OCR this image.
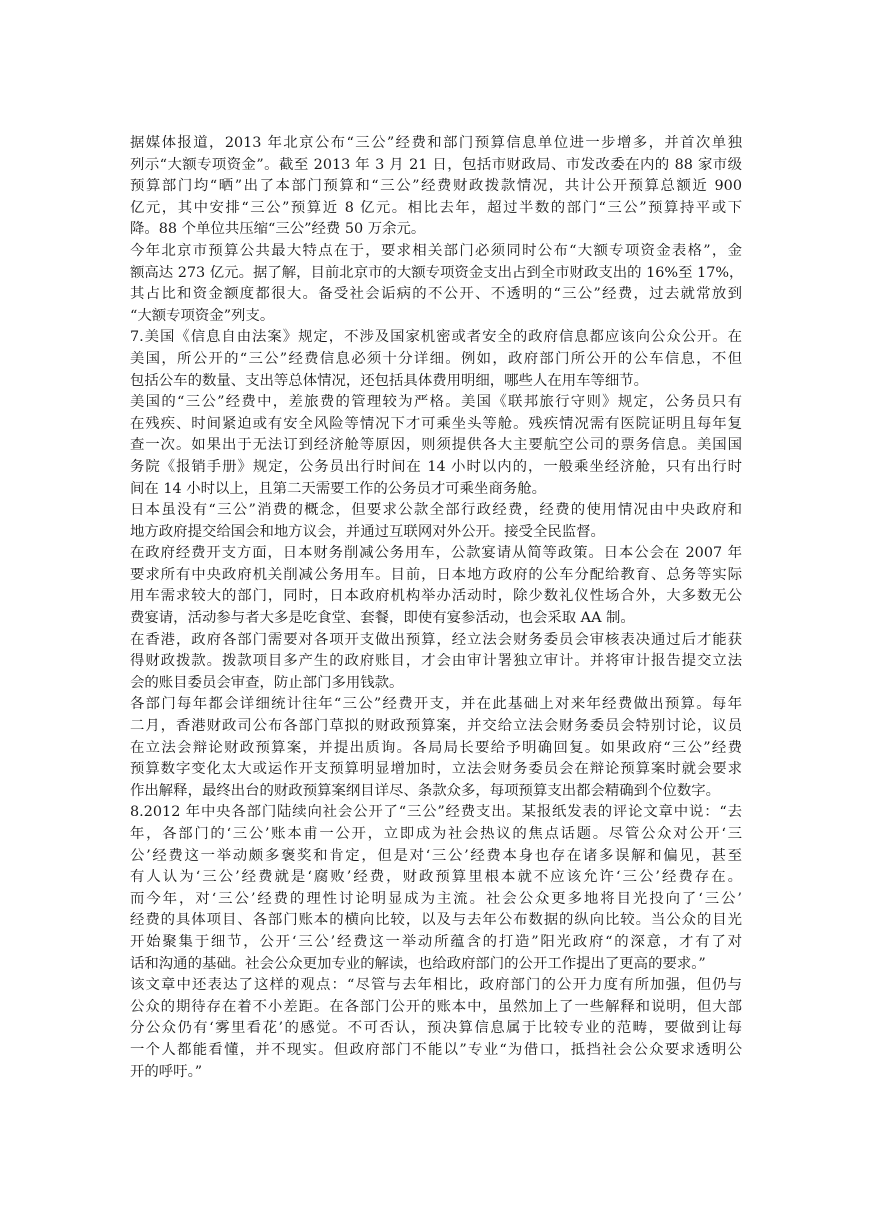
据媒体报道，2013 年北京公布“三公”经费和部门预算信息单位进一步增多，并首次单独
列示“大额专项资金”。截至 2013 年 3 月 21 日，包括市财政局、市发改委在内的 88 家市级
预算部门均“晒”出了本部门预算和“三公”经费财政拨款情况，共计公开预算总额近 900
亿元，其中安排“三公”预算近 8 亿元。相比去年，超过半数的部门“三公”预算持平或下
降。88 个单位共压缩“三公”经费 50 万余元。

今年北京市预算公共最大特点在于，要求相关部门必须同时公布“大额专项资金表格”，金
额高达 273 亿元。据了解，目前北京市的大额专项资金支出占到全市财政支出的 16%至 17%，
其占比和资金额度都很大。备受社会诟病的不公开、不透明的“三公”经费，过去就常放到
“大额专项资金”列支。

7.美国《信息自由法案》规定，不涉及国家机密或者安全的政府信息都应该向公众公开。在
美国，所公开的“三公”经费信息必须十分详细。例如，政府部门所公开的公车信息，不但
包括公车的数量、支出等总体情况，还包括具体费用明细，哪些人在用车等细节。

美国的“三公”经费中，差旅费的管理较为严格。美国《联邦旅行守则》规定，公务员只有
在残疾、时间紧迫或有安全风险等情况下才可乘坐头等舱。残疾情况需有医院证明且每年复
查一次。如果出于无法订到经济舱等原因，则须提供各大主要航空公司的票务信息。美国国
务院《报销手册》规定，公务员出行时间在 14 小时以内的，一般乘坐经济舱，只有出行时
间在 14 小时以上，且第二天需要工作的公务员才可乘坐商务舱。

日本虽没有“三公”消费的概念，但要求公款全部行政经费，经费的使用情况由中央政府和
地方政府提交给国会和地方议会，并通过互联网对外公开。接受全民监督。

在政府经费开支方面，日本财务削减公务用车，公款宴请从简等政策。日本公会在 2007 年
要求所有中央政府机关削减公务用车。目前，日本地方政府的公车分配给教育、总务等实际
用车需求较大的部门，同时，日本政府机构举办活动时，除少数礼仪性场合外，大多数无公
费宴请，活动参与者大多是吃食堂、套餐，即使有宴参活动，也会采取 AA 制。

在香港，政府各部门需要对各项开支做出预算，经立法会财务委员会审核表决通过后才能获
得财政拨款。拨款项目多产生的政府账目，才会由审计署独立审计。并将审计报告提交立法
会的账目委员会审查，防止部门多用钱款。

各部门每年都会详细统计往年“三公”经费开支，并在此基础上对来年经费做出预算。每年
二月，香港财政司公布各部门草拟的财政预算案，并交给立法会财务委员会特别讨论，议员
在立法会辩论财政预算案，并提出质询。各局局长要给予明确回复。如果政府“三公”经费
预算数字变化太大或运作开支预算明显增加时，立法会财务委员会在辩论预算案时就会要求
作出解释，最终出台的财政预算案纲目详尽、条款众多，每项预算支出都会精确到个位数字。

8.2012 年中央各部门陆续向社会公开了“三公”经费支出。某报纸发表的评论文章中说：“去
年，各部门的‘三公’账本甫一公开，立即成为社会热议的焦点话题。尽管公众对公开‘三
公’经费这一举动颇多褒奖和肯定，但是对‘三公’经费本身也存在诸多误解和偏见，甚至
有人认为‘三公’经费就是‘腐败’经费，财政预算里根本就不应该允许‘三公’经费存在。
而今年，对‘三公’经费的理性讨论明显成为主流。社会公众更多地将目光投向了‘三公’
经费的具体项目、各部门账本的横向比较，以及与去年公布数据的纵向比较。当公众的目光
开始聚集于细节，公开‘三公’经费这一举动所蕴含的打造”阳光政府“的深意，才有了对
话和沟通的基础。社会公众更加专业的解读，也给政府部门的公开工作提出了更高的要求。”

该文章中还表达了这样的观点：“尽管与去年相比，政府部门的公开力度有所加强，但仍与
公众的期待存在着不小差距。在各部门公开的账本中，虽然加上了一些解释和说明，但大部
分公众仍有‘雾里看花’的感觉。不可否认，预决算信息属于比较专业的范畴，要做到让每
一个人都能看懂，并不现实。但政府部门不能以”专业“为借口，抵挡社会公众要求透明公
开的呼吁。”
